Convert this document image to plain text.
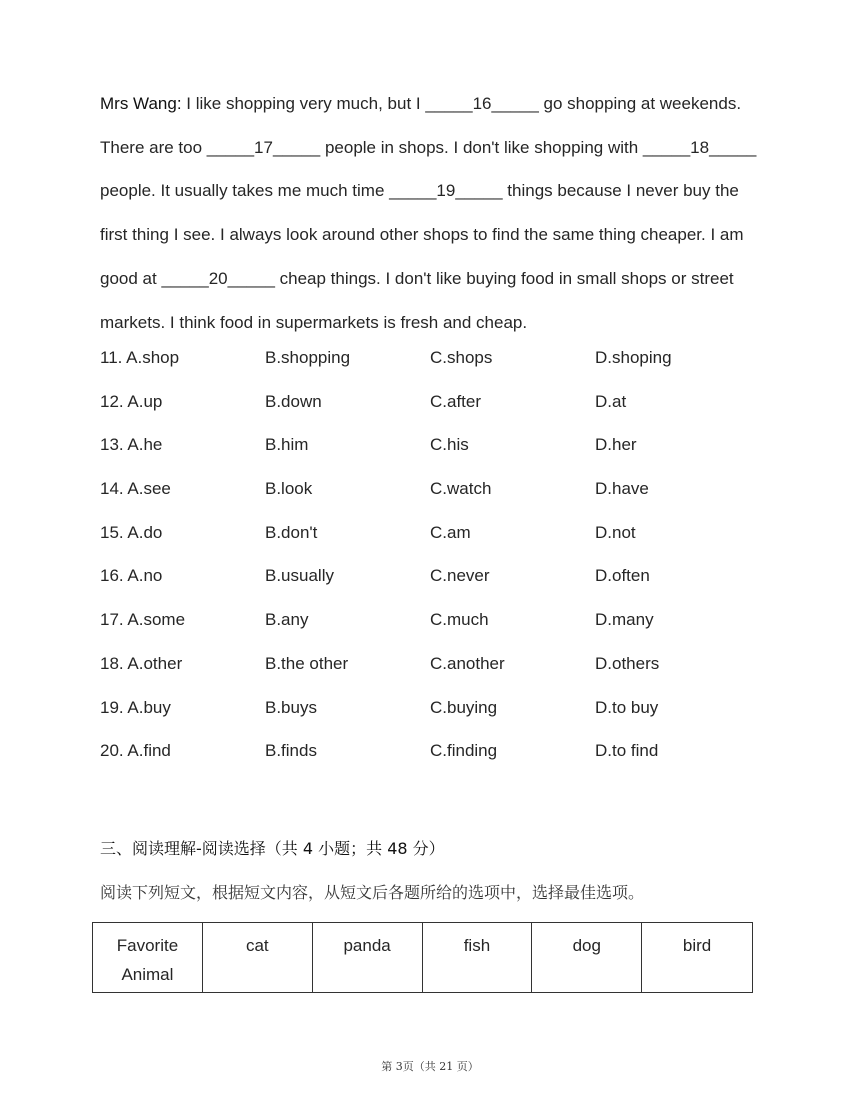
Mrs Wang: I like shopping very much, but I _____16_____ go shopping at weekends. There are too _____17_____ people in shops. I don't like shopping with _____18_____ people. It usually takes me much time _____19_____ things because I never buy the first thing I see. I always look around other shops to find the same thing cheaper. I am good at _____20_____ cheap things. I don't like buying food in small shops or street markets. I think food in supermarkets is fresh and cheap.
11. A.shop	B.shopping	C.shops	D.shoping
12. A.up	B.down	C.after	D.at
13. A.he	B.him	C.his	D.her
14. A.see	B.look	C.watch	D.have
15. A.do	B.don't	C.am	D.not
16. A.no	B.usually	C.never	D.often
17. A.some	B.any	C.much	D.many
18. A.other	B.the other	C.another	D.others
19. A.buy	B.buys	C.buying	D.to buy
20. A.find	B.finds	C.finding	D.to find
三、阅读理解-阅读选择（共 4 小题；共 48 分）
阅读下列短文，根据短文内容，从短文后各题所给的选项中，选择最佳选项。
Favorite Animal	cat	panda	fish	dog	bird
第 3页（共 21 页）
